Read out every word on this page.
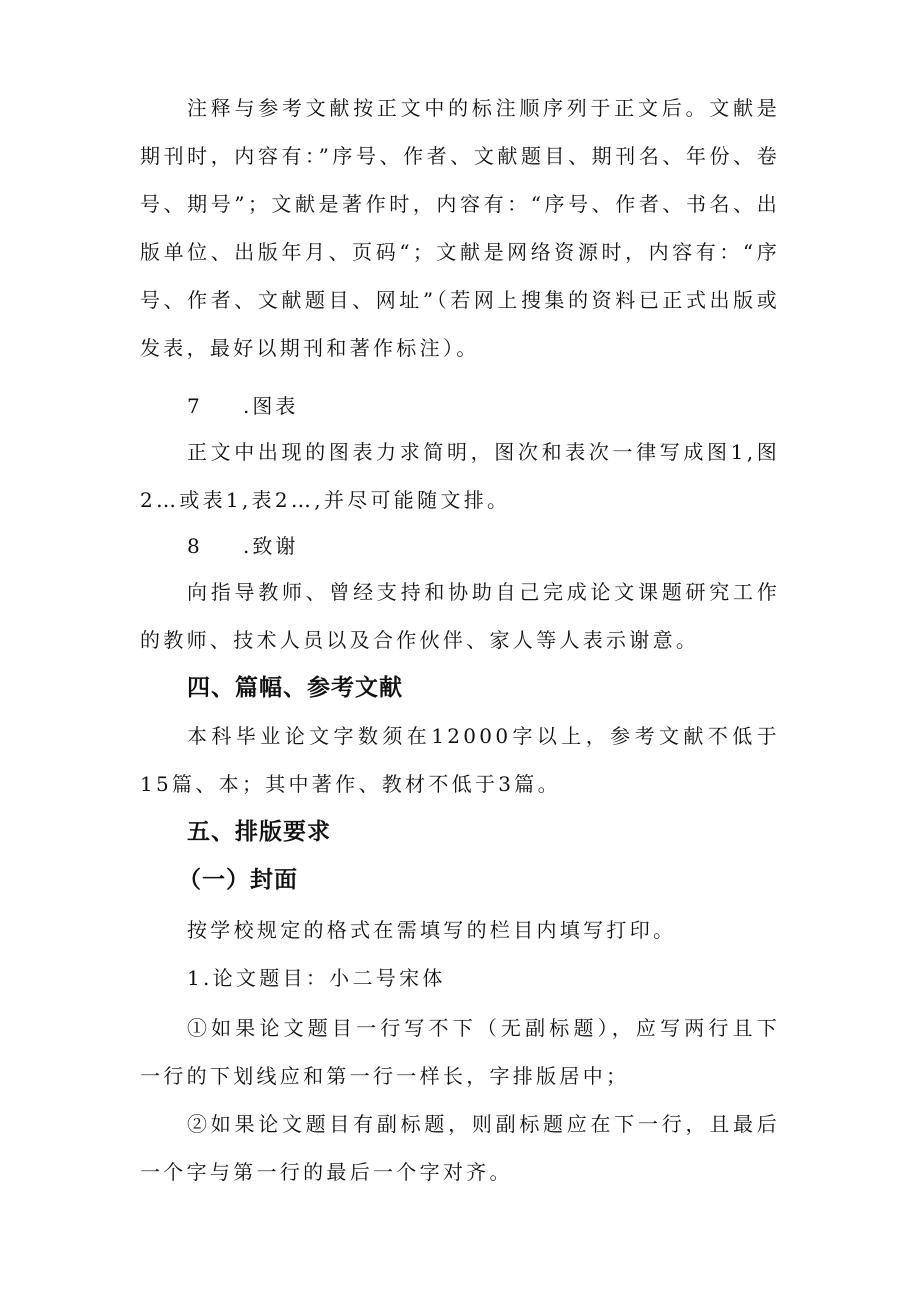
注释与参考文献按正文中的标注顺序列于正文后。文献是期刊时，内容有：”序号、作者、文献题目、期刊名、年份、卷号、期号”；文献是著作时，内容有：“序号、作者、书名、出版单位、出版年月、页码“；文献是网络资源时，内容有：“序号、作者、文献题目、网址”（若网上搜集的资料已正式出版或发表，最好以期刊和著作标注）。

7 .图表

正文中出现的图表力求简明，图次和表次一律写成图1,图2…或表1,表2…,并尽可能随文排。

8 .致谢

向指导教师、曾经支持和协助自己完成论文课题研究工作的教师、技术人员以及合作伙伴、家人等人表示谢意。

四、篇幅、参考文献

本科毕业论文字数须在12000字以上，参考文献不低于15篇、本；其中著作、教材不低于3篇。

五、排版要求
（一）封面

按学校规定的格式在需填写的栏目内填写打印。

1.论文题目：小二号宋体

①如果论文题目一行写不下（无副标题），应写两行且下一行的下划线应和第一行一样长，字排版居中；

②如果论文题目有副标题，则副标题应在下一行，且最后一个字与第一行的最后一个字对齐。
